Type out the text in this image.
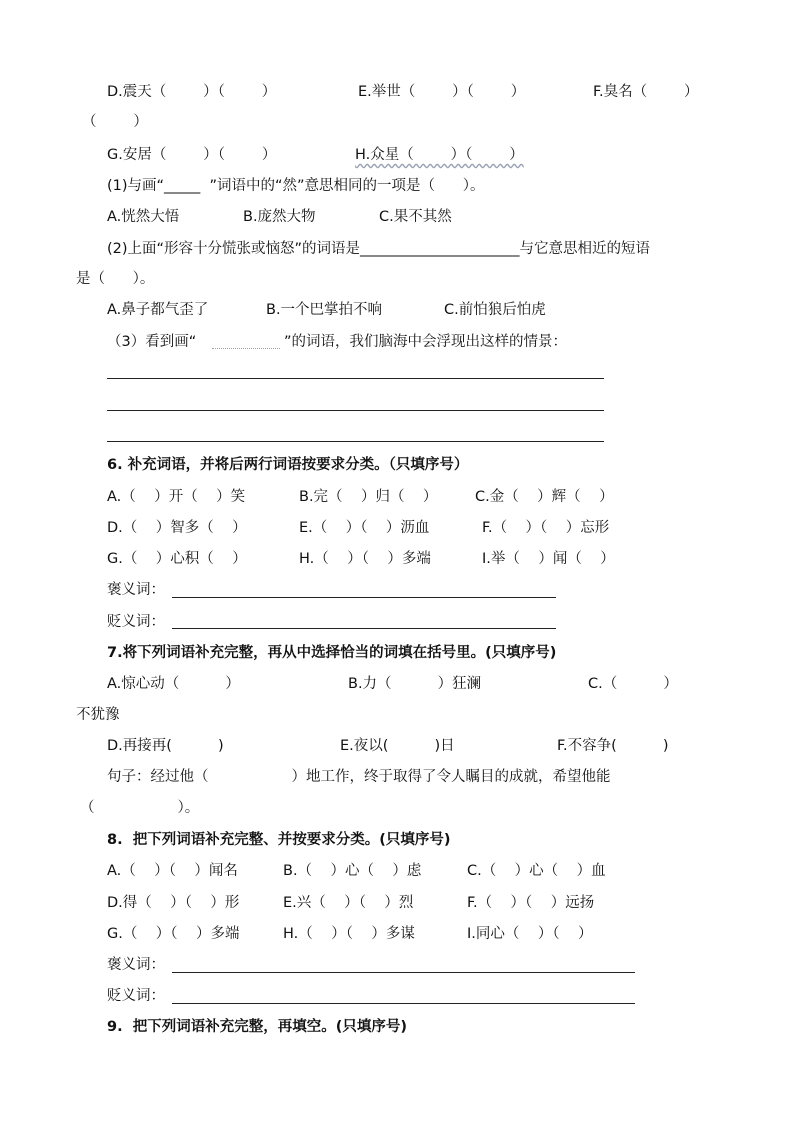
D.震天（        ）（        ）	E.举世（        ）（        ）	F.臭名（        ）
（        ）
G.安居（        ）（        ）	H.众星（        ）（        ）
(1)与画“_____  ”词语中的“然”意思相同的一项是（      ）。
A.恍然大悟	B.庞然大物	C.果不其然
(2)上面“形容十分慌张或恼怒”的词语是______________________与它意思相近的短语
是（      ）。
A.鼻子都气歪了	B.一个巴掌拍不响	C.前怕狼后怕虎
（3）看到画“	”的词语，我们脑海中会浮现出这样的情景：
6. 补充词语，并将后两行词语按要求分类。（只填序号）
A.（    ）开（    ）笑	B.完（    ）归（    ）	C.金（    ）辉（    ）
D.（    ）智多（    ）	E.（    ）（    ）沥血	F.（    ）（    ）忘形
G.（    ）心积（    ）	H.（    ）（    ）多端	I.举（    ）闻（    ）
褒义词：
贬义词：
7.将下列词语补充完整，再从中选择恰当的词填在括号里。(只填序号)
A.惊心动（          ）	B.力（          ）狂澜	C.（          ）
不犹豫
D.再接再(          )	E.夜以(          )日	F.不容争(          )
句子：经过他（                  ）地工作，终于取得了令人瞩目的成就，希望他能
（                  ）。
8.  把下列词语补充完整、并按要求分类。(只填序号)
A.（    ）（    ）闻名	B.（    ）心（    ）虑	C.（    ）心（    ）血
D.得（    ）（    ）形	E.兴（    ）（    ）烈	F.（    ）（    ）远扬
G.（    ）（    ）多端	H.（    ）（    ）多谋	I.同心（    ）（    ）
褒义词：
贬义词：
9.  把下列词语补充完整，再填空。(只填序号)
